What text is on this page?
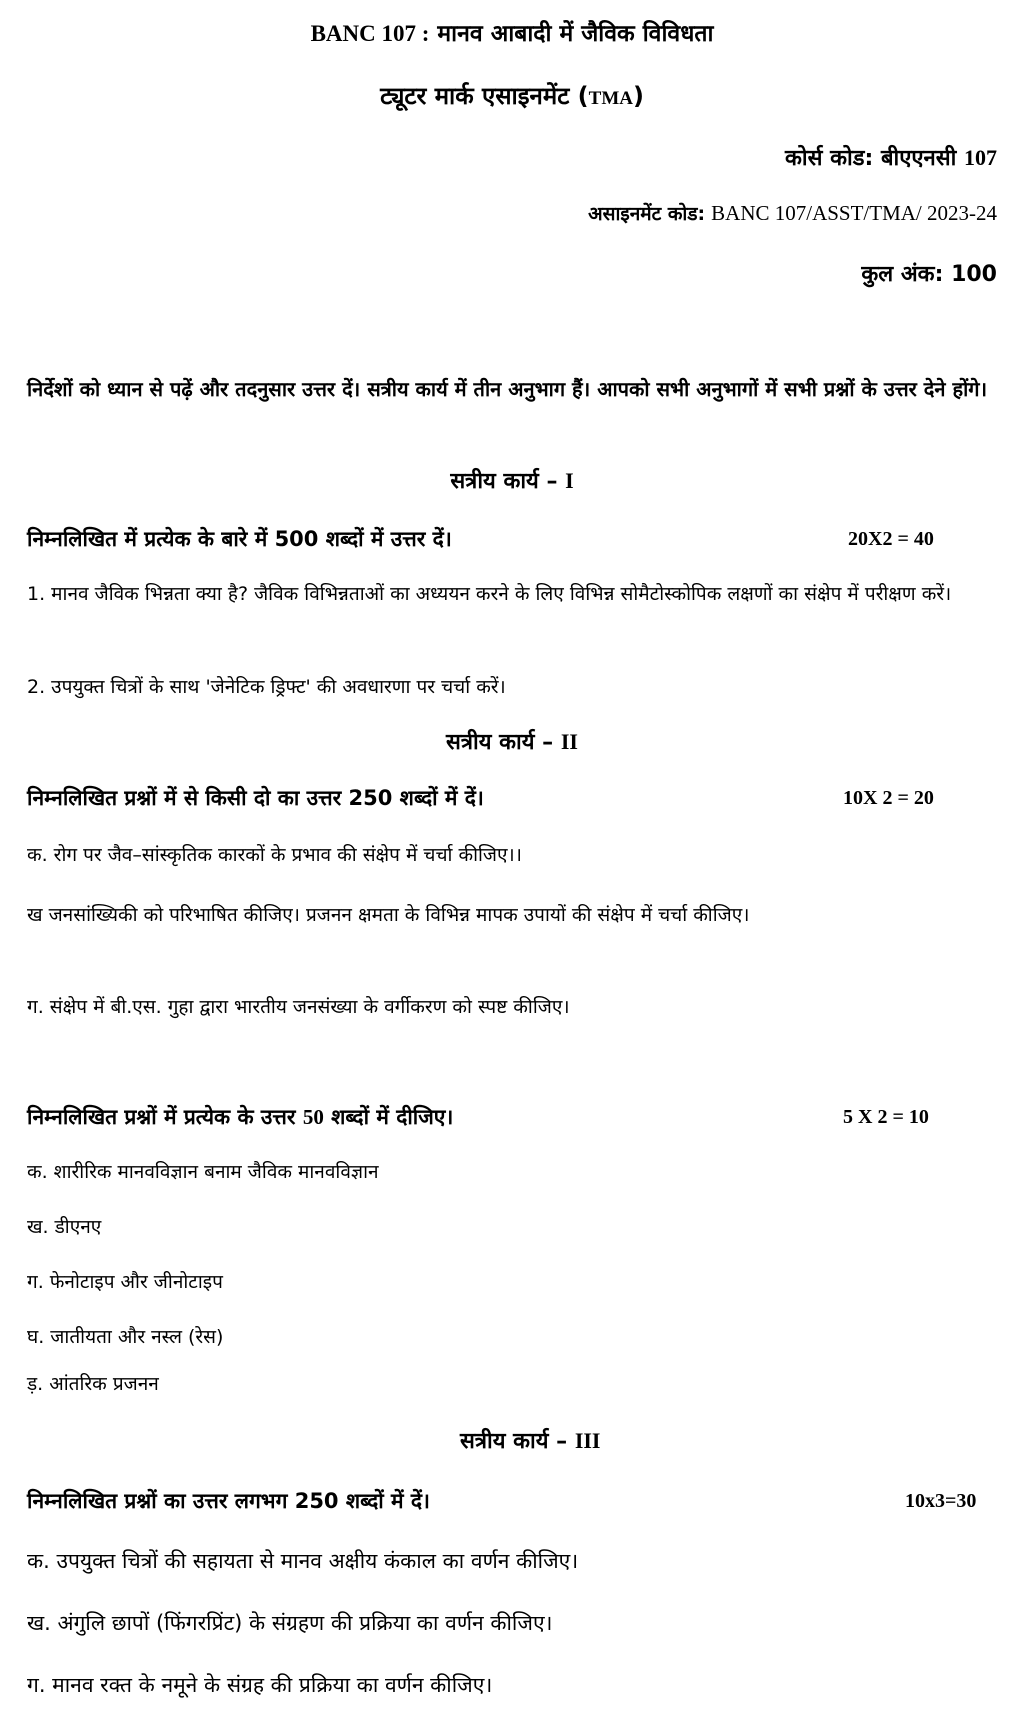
BANC 107 : मानव आबादी में जैविक विविधता
ट्यूटर मार्क एसाइनमेंट (TMA)
कोर्स कोड: बीएएनसी 107
असाइनमेंट कोड: BANC 107/ASST/TMA/ 2023-24
कुल अंक: 100
निर्देशों को ध्यान से पढ़ें और तदनुसार उत्तर दें। सत्रीय कार्य में तीन अनुभाग हैं। आपको सभी अनुभागों में सभी प्रश्नों के उत्तर देने होंगे।
सत्रीय कार्य – I
निम्नलिखित में प्रत्येक के बारे में 500 शब्दों में उत्तर दें।	20X2 = 40
1. मानव जैविक भिन्नता क्या है? जैविक विभिन्नताओं का अध्ययन करने के लिए विभिन्न सोमैटोस्कोपिक लक्षणों का संक्षेप में परीक्षण करें।
2. उपयुक्त चित्रों के साथ 'जेनेटिक ड्रिफ्ट' की अवधारणा पर चर्चा करें।
सत्रीय कार्य – II
निम्नलिखित प्रश्नों में से किसी दो का उत्तर 250 शब्दों में दें।	10X 2 = 20
क. रोग पर जैव–सांस्कृतिक कारकों के प्रभाव की संक्षेप में चर्चा कीजिए।।
ख जनसांख्यिकी को परिभाषित कीजिए। प्रजनन क्षमता के विभिन्न मापक उपायों की संक्षेप में चर्चा कीजिए।
ग. संक्षेप में बी.एस. गुहा द्वारा भारतीय जनसंख्या के वर्गीकरण को स्पष्ट कीजिए।
निम्नलिखित प्रश्नों में प्रत्येक के उत्तर 50 शब्दों में दीजिए।	5 X 2 = 10
क. शारीरिक मानवविज्ञान बनाम जैविक मानवविज्ञान
ख. डीएनए
ग. फेनोटाइप और जीनोटाइप
घ. जातीयता और नस्ल (रेस)
ड़. आंतरिक प्रजनन
सत्रीय कार्य – III
निम्नलिखित प्रश्नों का उत्तर लगभग 250 शब्दों में दें।	10x3=30
क. उपयुक्त चित्रों की सहायता से मानव अक्षीय कंकाल का वर्णन कीजिए।
ख. अंगुलि छापों (फिंगरप्रिंट) के संग्रहण की प्रक्रिया का वर्णन कीजिए।
ग. मानव रक्त के नमूने के संग्रह की प्रक्रिया का वर्णन कीजिए।
